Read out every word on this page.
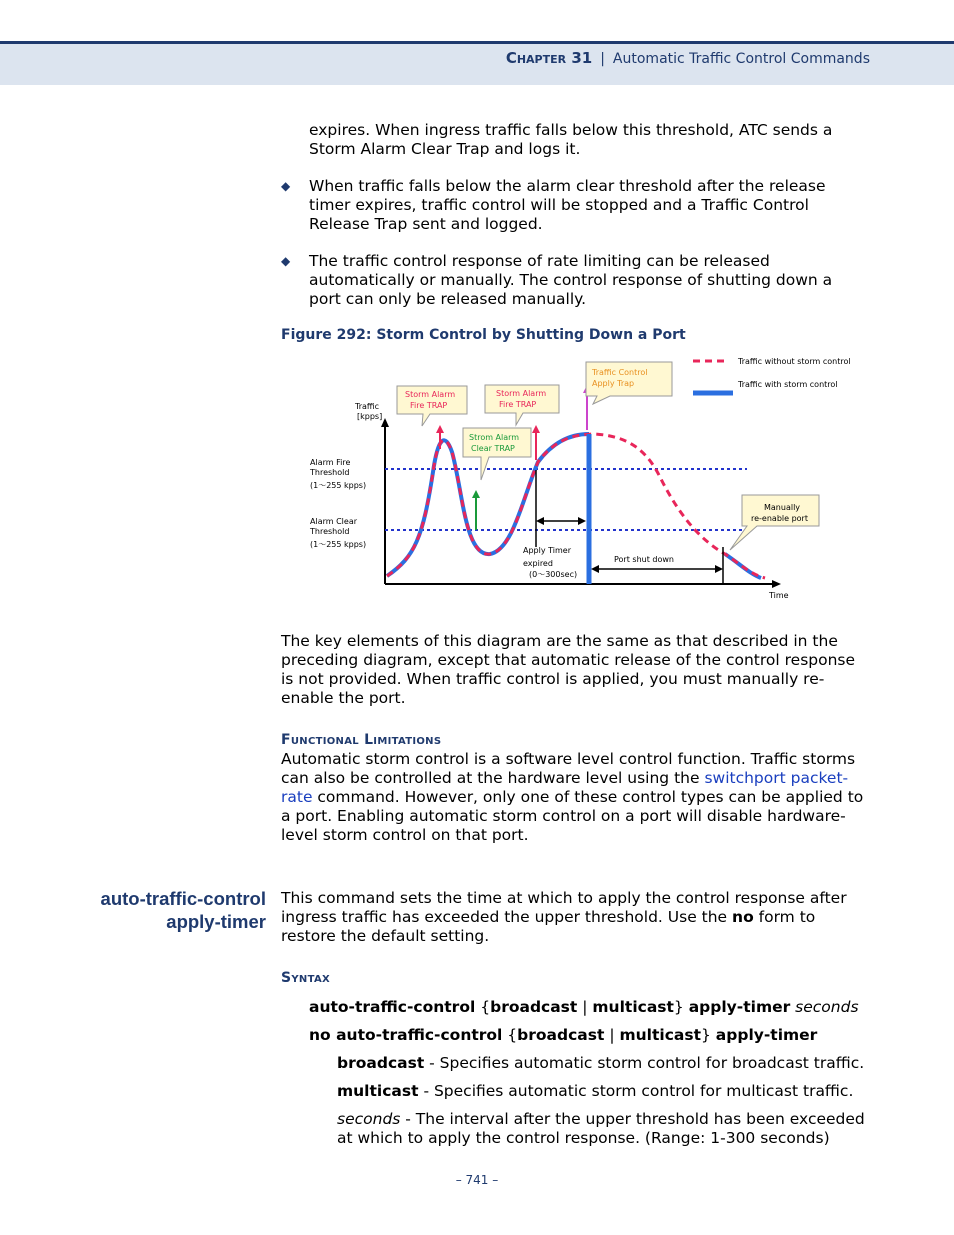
Chapter 31 | Automatic Traffic Control Commands
expires. When ingress traffic falls below this threshold, ATC sends a Storm Alarm Clear Trap and logs it.
◆ When traffic falls below the alarm clear threshold after the release timer expires, traffic control will be stopped and a Traffic Control Release Trap sent and logged.
◆ The traffic control response of rate limiting can be released automatically or manually. The control response of shutting down a port can only be released manually.
Figure 292: Storm Control by Shutting Down a Port
Traffic without storm control
Traffic with storm control
Traffic
[kpps]
Time
Alarm Fire
Threshold
(1～255 kpps)
Alarm Clear
Threshold
(1～255 kpps)
Apply Timer
expired
(0～300sec)
Port shut down
Storm Alarm
Fire TRAP
Storm Alarm
Fire TRAP
Strom Alarm
Clear TRAP
Traffic Control
Apply Trap
Manually
re-enable port
The key elements of this diagram are the same as that described in the preceding diagram, except that automatic release of the control response is not provided. When traffic control is applied, you must manually re-enable the port.
Functional Limitations
Automatic storm control is a software level control function. Traffic storms can also be controlled at the hardware level using the switchport packet-rate command. However, only one of these control types can be applied to a port. Enabling automatic storm control on a port will disable hardware-level storm control on that port.
auto-traffic-control
apply-timer
This command sets the time at which to apply the control response after ingress traffic has exceeded the upper threshold. Use the no form to restore the default setting.
Syntax
auto-traffic-control {broadcast | multicast} apply-timer seconds
no auto-traffic-control {broadcast | multicast} apply-timer
broadcast - Specifies automatic storm control for broadcast traffic.
multicast - Specifies automatic storm control for multicast traffic.
seconds - The interval after the upper threshold has been exceeded at which to apply the control response. (Range: 1-300 seconds)
– 741 –
